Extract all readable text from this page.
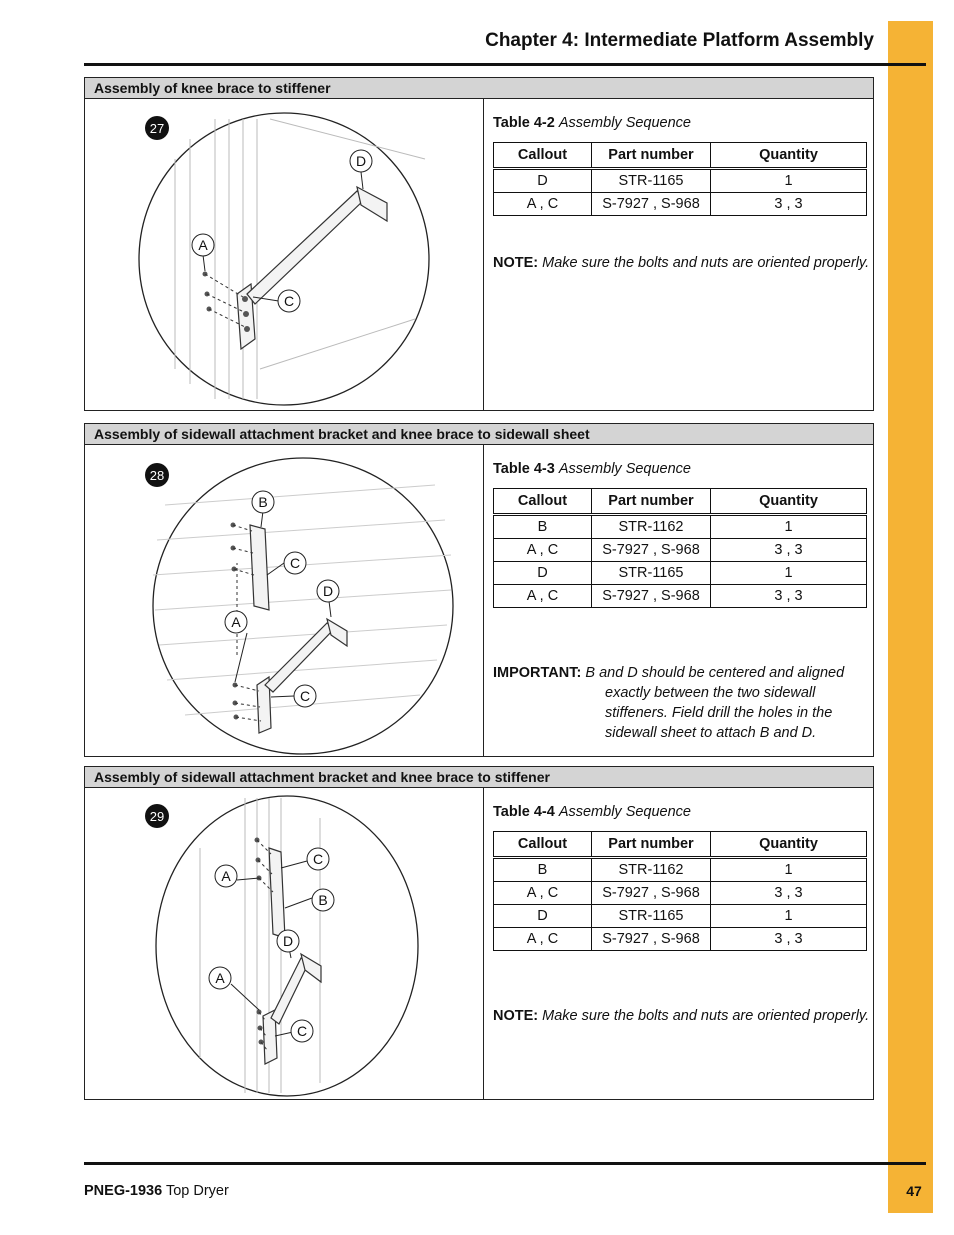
Chapter 4: Intermediate Platform Assembly
Assembly of knee brace to stiffener
27
A
C
D
Table 4-2 Assembly Sequence
Callout	Part number	Quantity
D	STR-1165	1
A , C	S-7927 , S-968	3 , 3
NOTE: Make sure the bolts and nuts are oriented properly.
Assembly of sidewall attachment bracket and knee brace to sidewall sheet
28
B
C
D
A
C
Table 4-3 Assembly Sequence
Callout	Part number	Quantity
B	STR-1162	1
A , C	S-7927 , S-968	3 , 3
D	STR-1165	1
A , C	S-7927 , S-968	3 , 3
IMPORTANT: B and D should be centered and aligned exactly between the two sidewall stiffeners. Field drill the holes in the sidewall sheet to attach B and D.
Assembly of sidewall attachment bracket and knee brace to stiffener
29
C
A
B
D
A
C
Table 4-4 Assembly Sequence
Callout	Part number	Quantity
B	STR-1162	1
A , C	S-7927 , S-968	3 , 3
D	STR-1165	1
A , C	S-7927 , S-968	3 , 3
NOTE: Make sure the bolts and nuts are oriented properly.
PNEG-1936 Top Dryer	47
